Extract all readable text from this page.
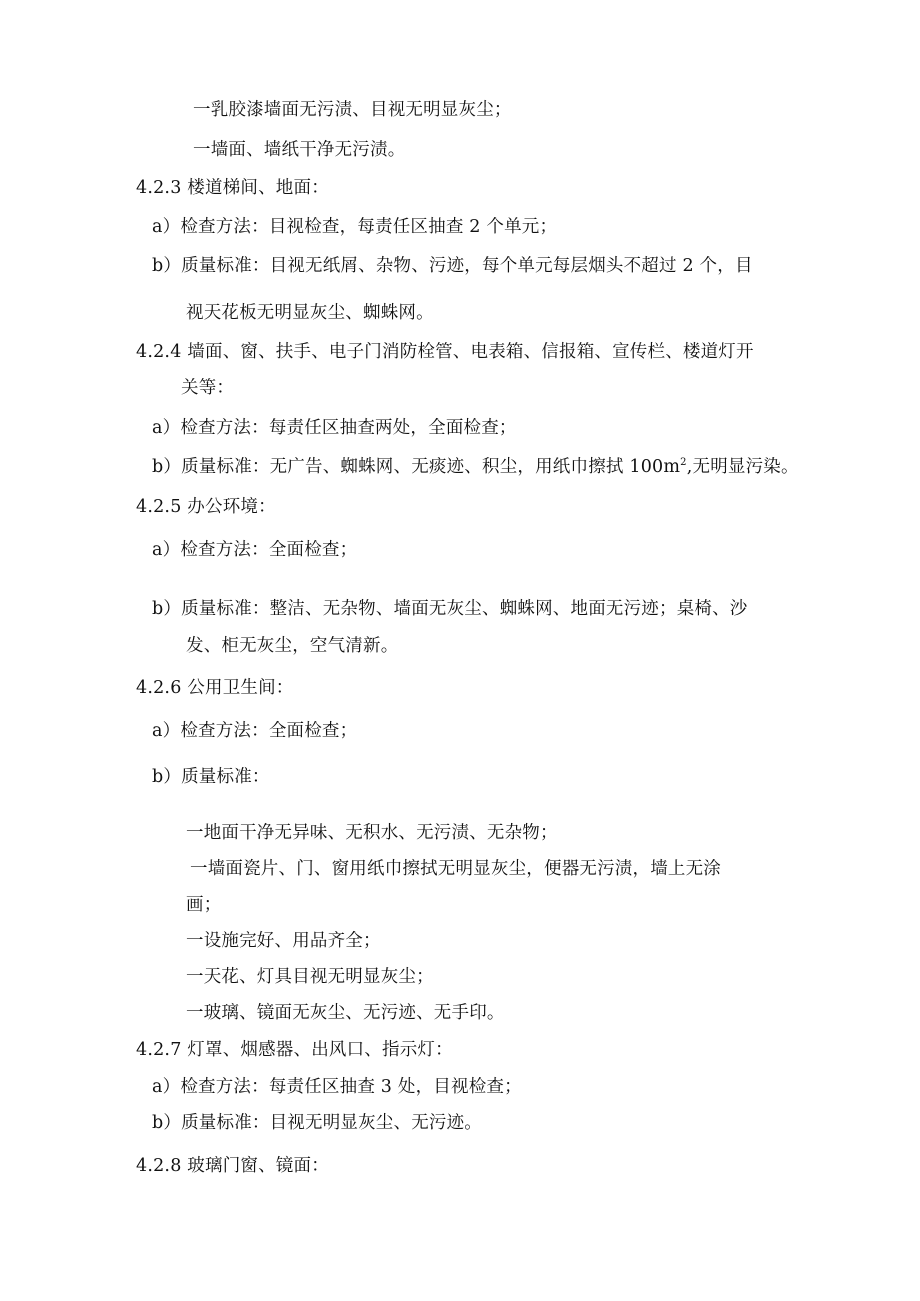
一乳胶漆墙面无污渍、目视无明显灰尘；
一墙面、墙纸干净无污渍。
4.2.3 楼道梯间、地面：
a）检查方法：目视检查，每责任区抽查 2 个单元；
b）质量标准：目视无纸屑、杂物、污迹，每个单元每层烟头不超过 2 个，目
视天花板无明显灰尘、蜘蛛网。
4.2.4 墙面、窗、扶手、电子门消防栓管、电表箱、信报箱、宣传栏、楼道灯开
关等：
a）检查方法：每责任区抽查两处，全面检查；
b）质量标准：无广告、蜘蛛网、无痰迹、积尘，用纸巾擦拭 $100m^2$,无明显污染。
4.2.5 办公环境：
a）检查方法：全面检查；
b）质量标准：整洁、无杂物、墙面无灰尘、蜘蛛网、地面无污迹；桌椅、沙
发、柜无灰尘，空气清新。
4.2.6 公用卫生间：
a）检查方法：全面检查；
b）质量标准：
一地面干净无异味、无积水、无污渍、无杂物；
一墙面瓷片、门、窗用纸巾擦拭无明显灰尘，便器无污渍，墙上无涂
画；
一设施完好、用品齐全；
一天花、灯具目视无明显灰尘；
一玻璃、镜面无灰尘、无污迹、无手印。
4.2.7 灯罩、烟感器、出风口、指示灯：
a）检查方法：每责任区抽查 3 处，目视检查；
b）质量标准：目视无明显灰尘、无污迹。
4.2.8 玻璃门窗、镜面：
